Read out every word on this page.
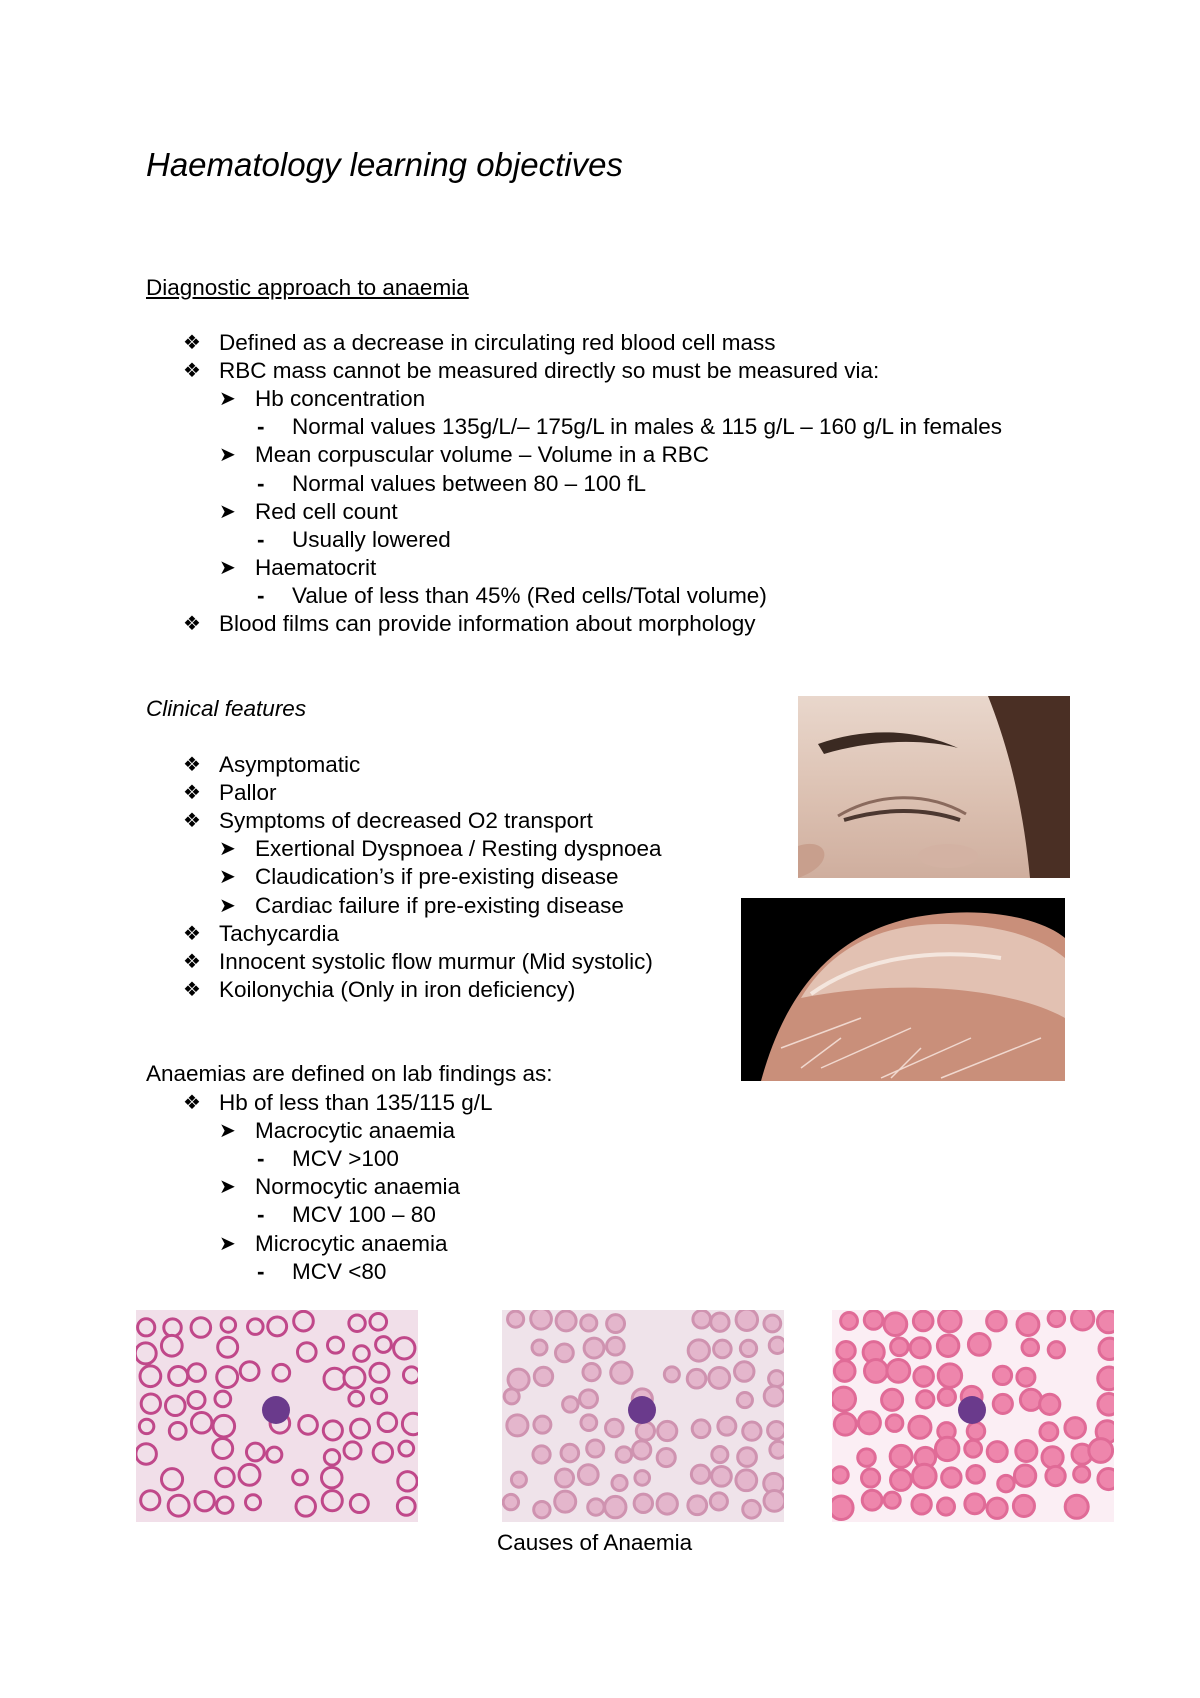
Haematology learning objectives
Diagnostic approach to anaemia
❖ Defined as a decrease in circulating red blood cell mass
❖ RBC mass cannot be measured directly so must be measured via:
➤ Hb concentration
- Normal values 135g/L/– 175g/L in males & 115 g/L – 160 g/L in females
➤ Mean corpuscular volume – Volume in a RBC
- Normal values between 80 – 100 fL
➤ Red cell count
- Usually lowered
➤ Haematocrit
- Value of less than 45% (Red cells/Total volume)
❖ Blood films can provide information about morphology
Clinical features
❖ Asymptomatic
❖ Pallor
❖ Symptoms of decreased O2 transport
➤ Exertional Dyspnoea / Resting dyspnoea
➤ Claudication’s if pre-existing disease
➤ Cardiac failure if pre-existing disease
❖ Tachycardia
❖ Innocent systolic flow murmur (Mid systolic)
❖ Koilonychia (Only in iron deficiency)
Anaemias are defined on lab findings as:
❖ Hb of less than 135/115 g/L
➤ Macrocytic anaemia
- MCV >100
➤ Normocytic anaemia
- MCV 100 – 80
➤ Microcytic anaemia
- MCV <80
Causes of Anaemia
